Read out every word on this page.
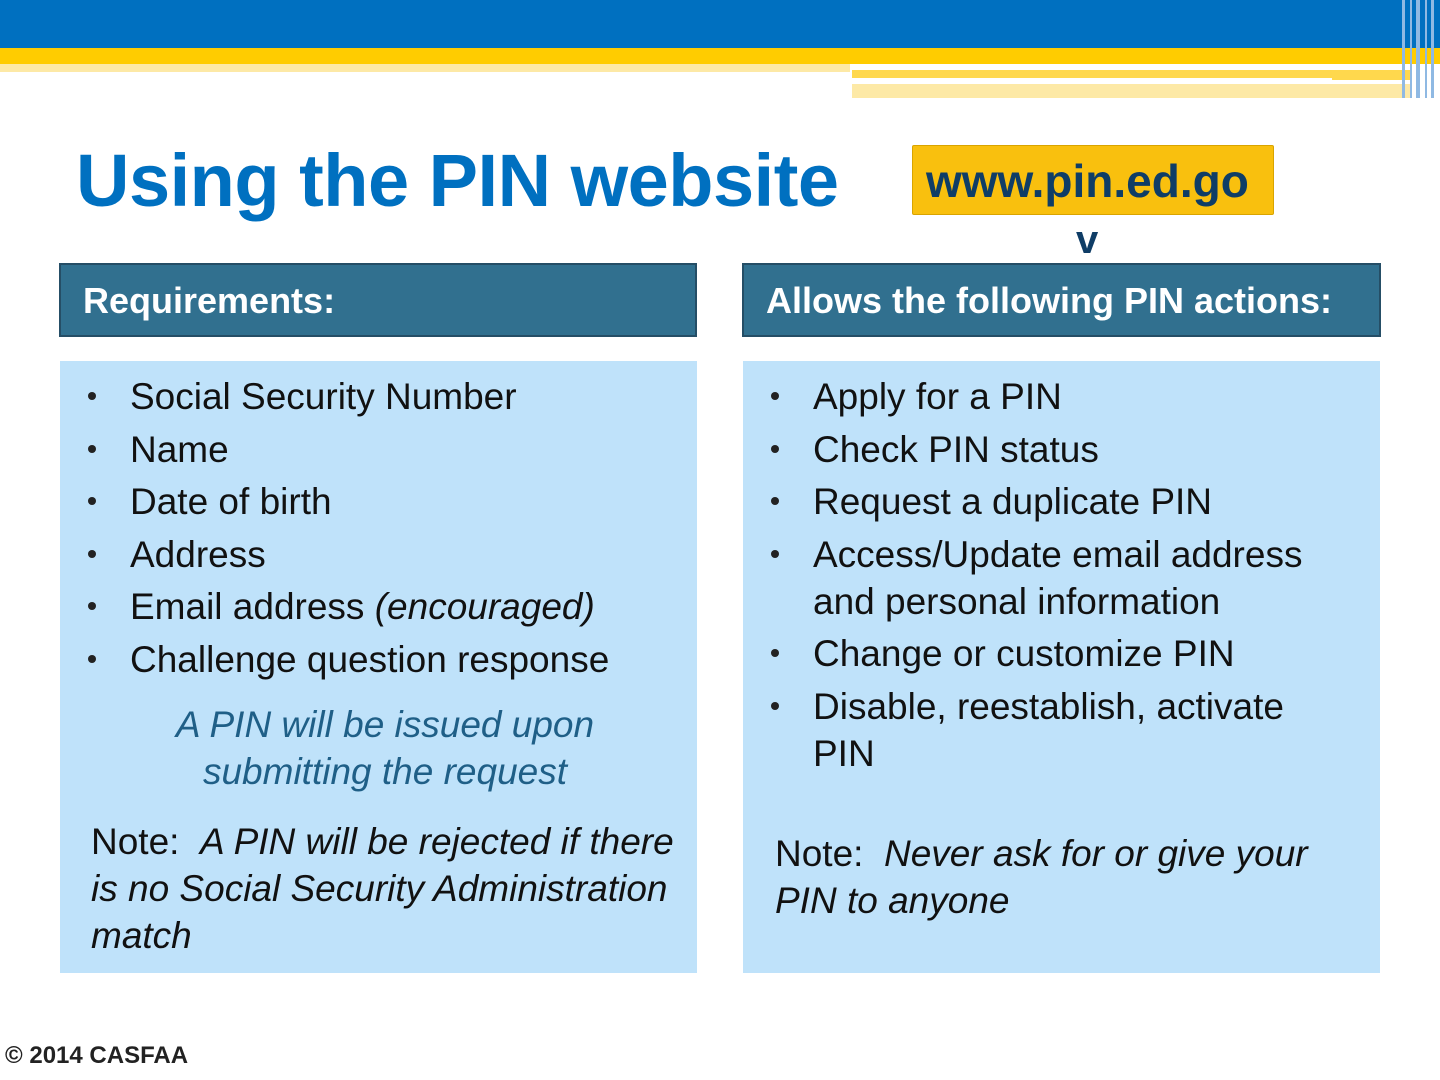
Using the PIN website www.pin.ed.go
v
Requirements:	Allows the following PIN actions:
Social Security Number
Name
Date of birth
Address
Email address (encouraged)
Challenge question response
A PIN will be issued upon
submitting the request
Note: A PIN will be rejected if there is no Social Security Administration match
Apply for a PIN
Check PIN status
Request a duplicate PIN
Access/Update email address and personal information
Change or customize PIN
Disable, reestablish, activate PIN
Note: Never ask for or give your PIN to anyone
© 2014 CASFAA
